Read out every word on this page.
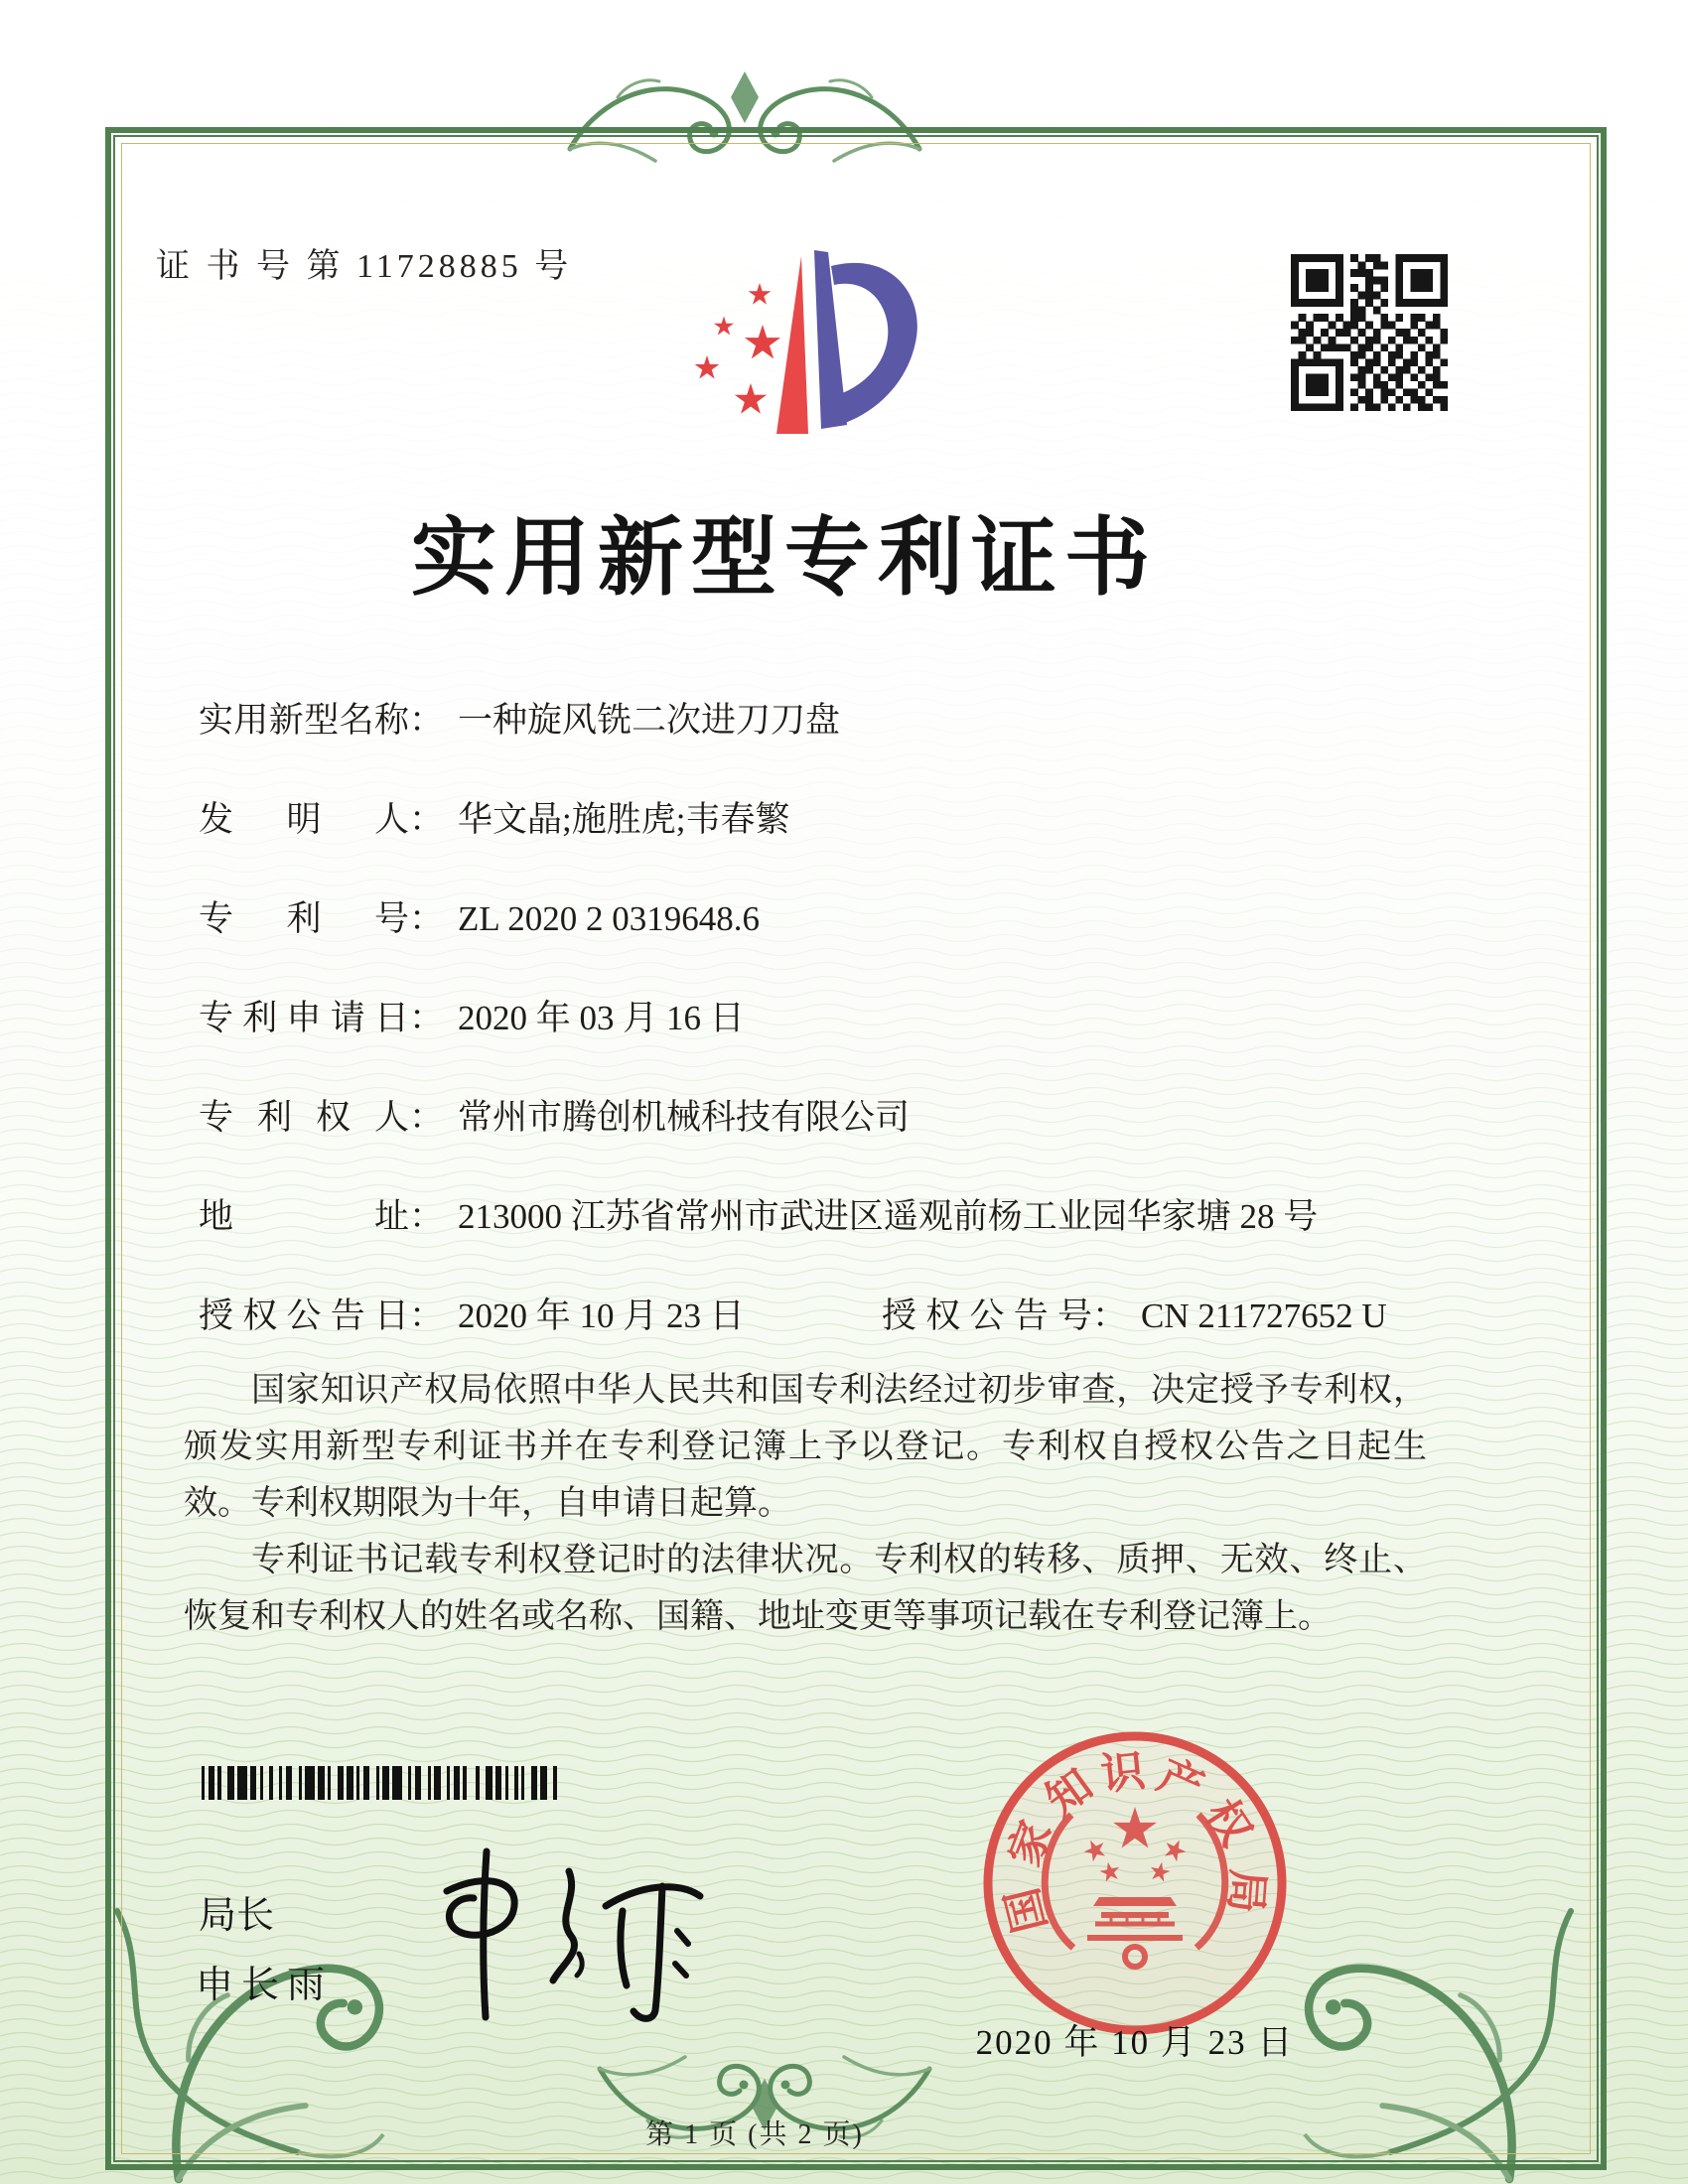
证 书 号 第 11728885 号
实用新型专利证书
实用新型名称： 一种旋风铣二次进刀刀盘
发明人： 华文晶;施胜虎;韦春繁
专利号： ZL 2020 2 0319648.6
专利申请日： 2020 年 03 月 16 日
专利权人： 常州市腾创机械科技有限公司
地址： 213000 江苏省常州市武进区遥观前杨工业园华家塘 28 号
授权公告日： 2020 年 10 月 23 日	授权公告号： CN 211727652 U

国家知识产权局依照中华人民共和国专利法经过初步审查，决定授予专利权，颁发实用新型专利证书并在专利登记簿上予以登记。专利权自授权公告之日起生效。专利权期限为十年，自申请日起算。

专利证书记载专利权登记时的法律状况。专利权的转移、质押、无效、终止、恢复和专利权人的姓名或名称、国籍、地址变更等事项记载在专利登记簿上。

局长
申长雨
国
家
知
识 产
权
局
2020 年 10 月 23 日
第 1 页 (共 2 页)
